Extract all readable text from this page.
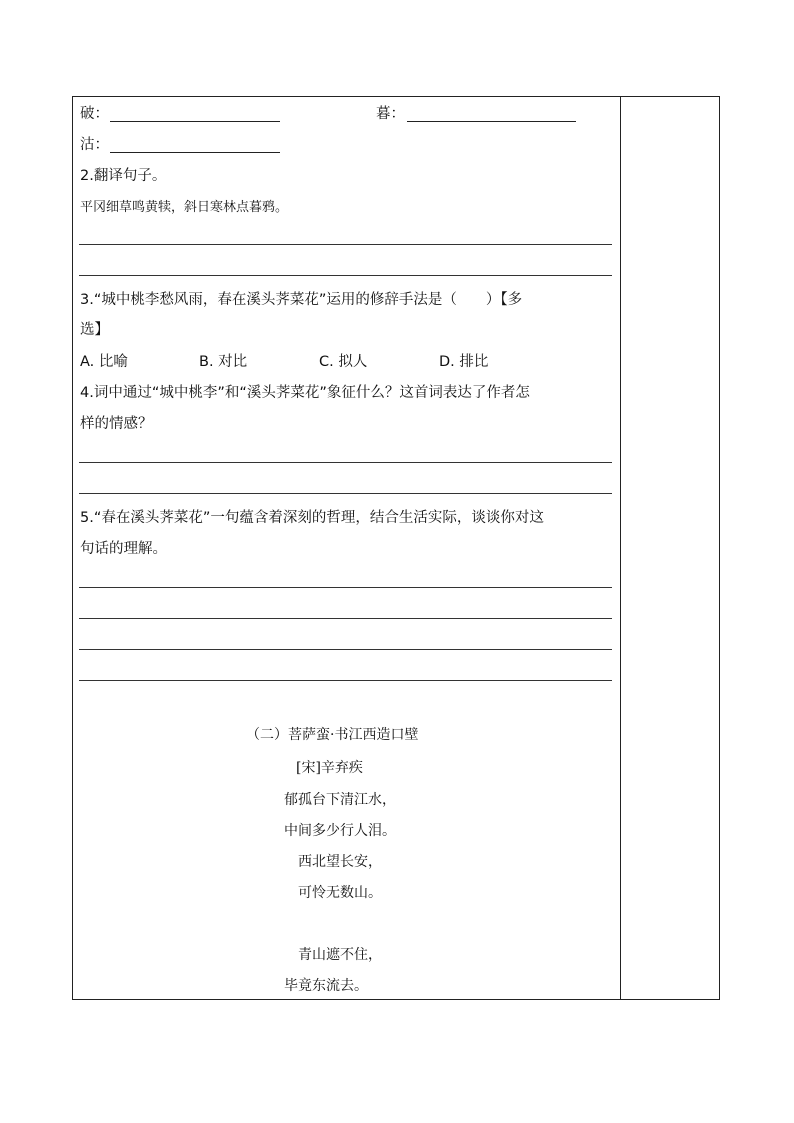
破：	暮：
沽：
2.翻译句子。
平冈细草鸣黄犊，斜日寒林点暮鸦。
3.“城中桃李愁风雨，春在溪头荠菜花”运用的修辞手法是（　　）【多
选】
A. 比喻	B. 对比	C. 拟人	D. 排比
4.词中通过“城中桃李”和“溪头荠菜花”象征什么？这首词表达了作者怎
样的情感？
5.“春在溪头荠菜花”一句蕴含着深刻的哲理，结合生活实际，谈谈你对这
句话的理解。
（二）菩萨蛮·书江西造口壁
[宋]辛弃疾
郁孤台下清江水，
中间多少行人泪。
西北望长安，
可怜无数山。
青山遮不住，
毕竟东流去。
